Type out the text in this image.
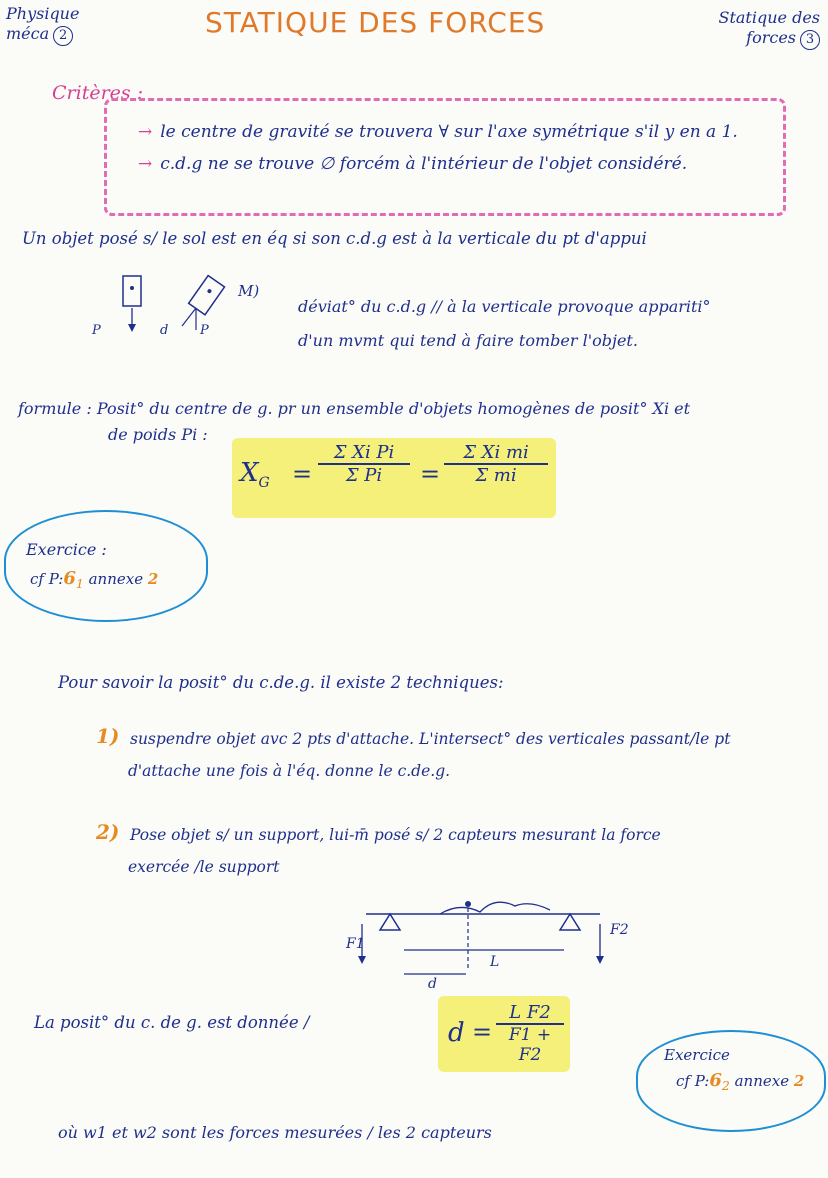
Physique
méca 2	STATIQUE DES FORCES	Statique des
forces 3
Critères :
→ le centre de gravité se trouvera ∀ sur l'axe symétrique s'il y en a 1.
→ c.d.g ne se trouve ∅ forcém à l'intérieur de l'objet considéré.
Un objet posé s/ le sol est en éq si son c.d.g est à la verticale du pt d'appui
P	d P
M)
déviat° du c.d.g // à la verticale provoque appariti°
d'un mvmt qui tend à faire tomber l'objet.
formule : Posit° du centre de g. pr un ensemble d'objets homogènes de posit° Xi et
de poids Pi :
$X_G$ =
Σ Xi Pi
Σ Pi	=
Σ Xi mi
Σ mi
Exercice :
cf $P:6_1$ annexe 2
Pour savoir la posit° du c.de.g. il existe 2 techniques:
1) suspendre objet avc 2 pts d'attache. L'intersect° des verticales passant/le pt
d'attache une fois à l'éq. donne le c.de.g.
2) Pose objet s/ un support, lui-m̄ posé s/ 2 capteurs mesurant la force
exercée /le support
F1
F2
L
d
La posit° du c. de g. est donnée /	d =
L F2
F1 + F2
où w1 et w2 sont les forces mesurées / les 2 capteurs
Exercice
cf $P:6_2$ annexe 2
